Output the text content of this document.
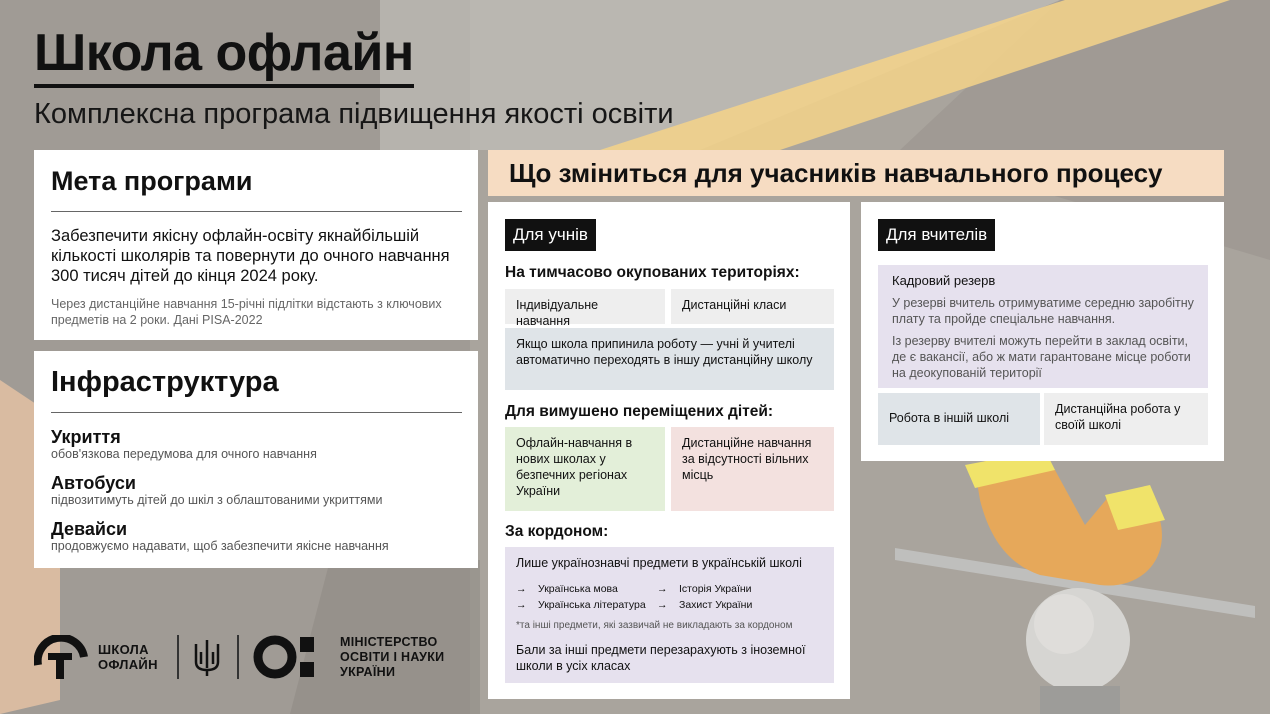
Школа офлайн
Комплексна програма підвищення якості освіти
Мета програми
Забезпечити якісну офлайн-освіту якнайбільшій кількості школярів та повернути до очного навчання 300 тисяч дітей до кінця 2024 року.
Через дистанційне навчання 15-річні підлітки відстають з ключових предметів на 2 роки. Дані PISA-2022
Інфраструктура
Укриття
обов'язкова передумова для очного навчання
Автобуси
підвозитимуть дітей до шкіл з облаштованими укриттями
Девайси
продовжуємо надавати, щоб забезпечити якісне навчання
Що зміниться для учасників навчального процесу
Для учнів
На тимчасово окупованих територіях:
Індивідуальне навчання
Дистанційні класи
Якщо школа припинила роботу — учні й учителі автоматично переходять в іншу дистанційну школу
Для вимушено переміщених дітей:
Офлайн-навчання в нових школах у безпечних регіонах України
Дистанційне навчання за відсутності вільних місць
За кордоном:
Лише українознавчі предмети в українській школі
→ Українська мова
→ Українська література
→ Історія України
→ Захист України
*та інші предмети, які зазвичай не викладають за кордоном
Бали за інші предмети перезарахують з іноземної школи в усіх класах
Для вчителів
Кадровий резерв
У резерві вчитель отримуватиме середню заробітну плату та пройде спеціальне навчання.
Із резерву вчителі можуть перейти в заклад освіти, де є вакансії, або ж мати гарантоване місце роботи на деокупованій території
Робота в іншій школі
Дистанційна робота у своїй школі
ШКОЛА
ОФЛАЙН
МІНІСТЕРСТВО
ОСВІТИ І НАУКИ
УКРАЇНИ
